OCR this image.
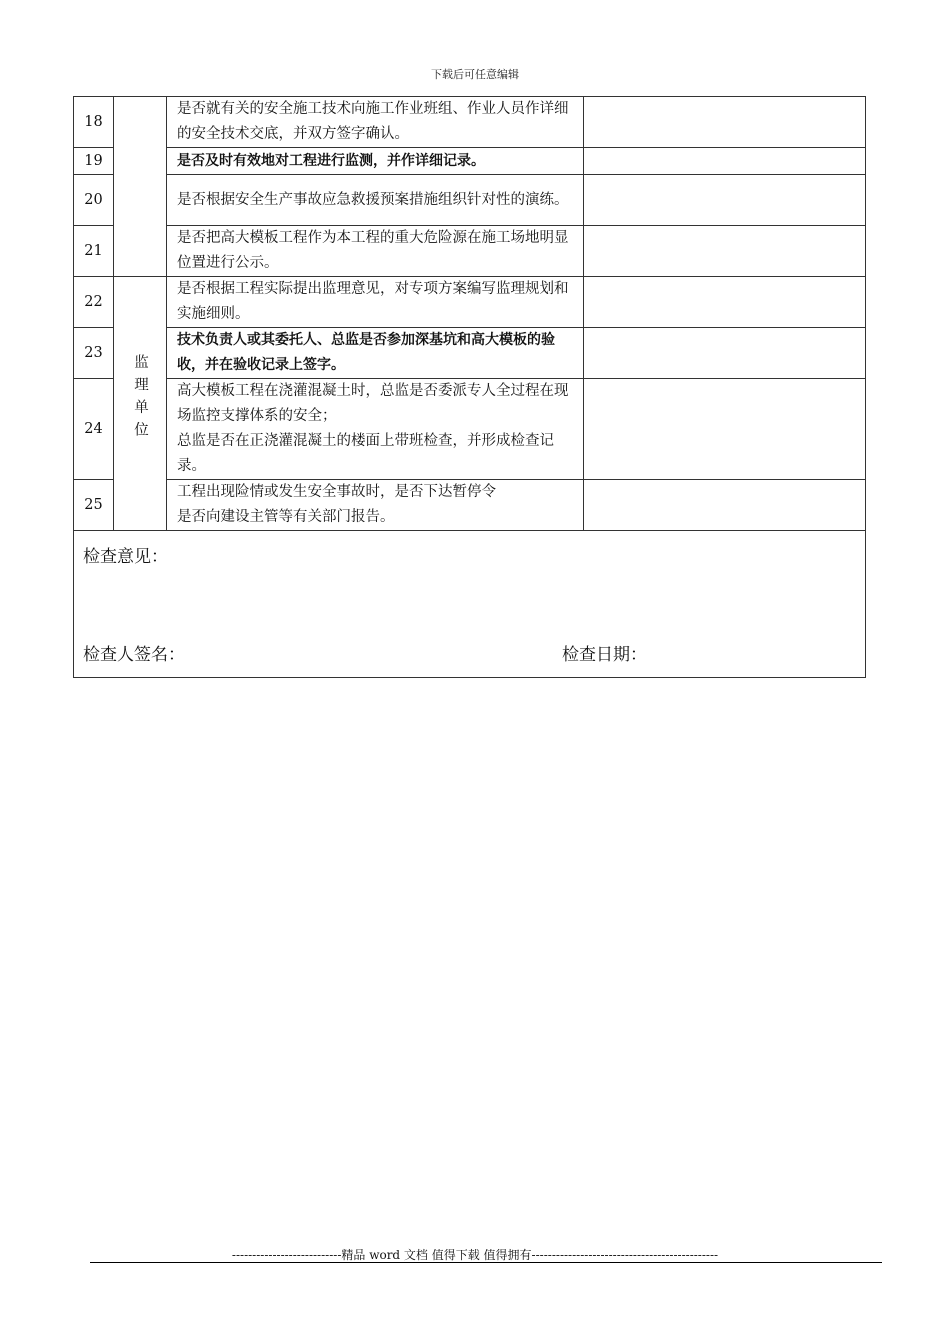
下载后可任意编辑
18		是否就有关的安全施工技术向施工作业班组、作业人员作详细的安全技术交底，并双方签字确认。	
19		是否及时有效地对工程进行监测，并作详细记录。	
20		是否根据安全生产事故应急救援预案措施组织针对性的演练。	
21		是否把高大模板工程作为本工程的重大危险源在施工场地明显位置进行公示。	
22	监理单位	是否根据工程实际提出监理意见，对专项方案编写监理规划和实施细则。	
23		技术负责人或其委托人、总监是否参加深基坑和高大模板的验收，并在验收记录上签字。	
24		高大模板工程在浇灌混凝土时，总监是否委派专人全过程在现场监控支撑体系的安全；
总监是否在正浇灌混凝土的楼面上带班检查，并形成检查记录。	

25		工程出现险情或发生安全事故时，是否下达暂停令
是否向建设主管等有关部门报告。	

检查意见：
检查人签名： 检查日期：			
---------------------------精品 word 文档 值得下载 值得拥有----------------------------------------------
